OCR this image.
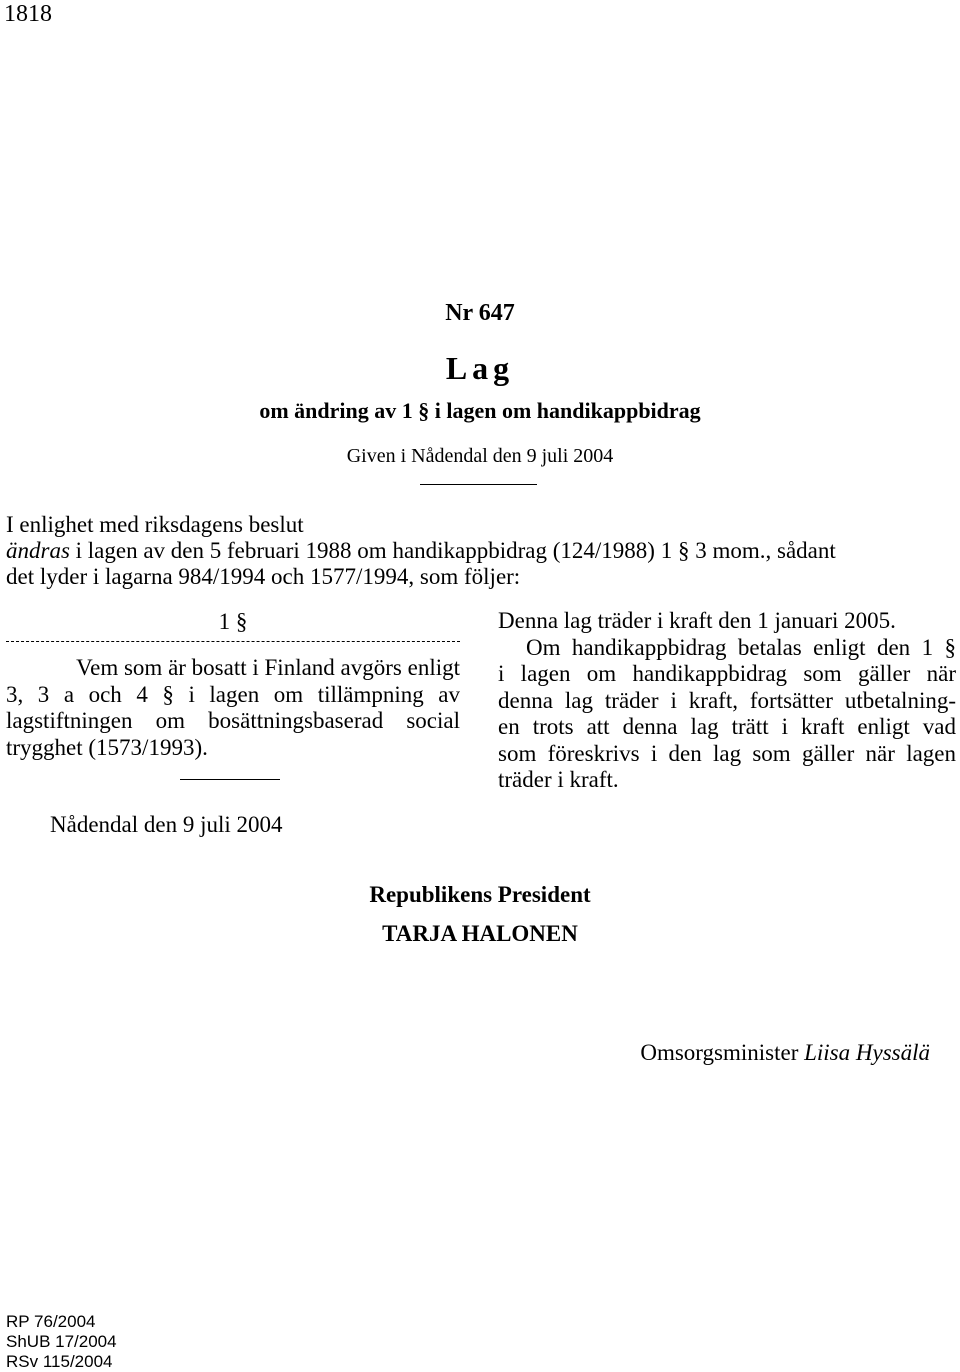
1818
Nr 647
Lag
om ändring av 1 § i lagen om handikappbidrag
Given i Nådendal den 9 juli 2004
I enlighet med riksdagens beslut
ändras i lagen av den 5 februari 1988 om handikappbidrag (124/1988) 1 § 3 mom., sådant
det lyder i lagarna 984/1994 och 1577/1994, som följer:
1 §
Vem som är bosatt i Finland avgörs enligt
3, 3 a och 4 § i lagen om tillämpning av
lagstiftningen om bosättningsbaserad social
trygghet (1573/1993).
Denna lag träder i kraft den 1 januari 2005.
Om handikappbidrag betalas enligt den 1 §
i lagen om handikappbidrag som gäller när
denna lag träder i kraft, fortsätter utbetalning-
en trots att denna lag trätt i kraft enligt vad
som föreskrivs i den lag som gäller när lagen
träder i kraft.
Nådendal den 9 juli 2004
Republikens President
TARJA HALONEN
Omsorgsminister Liisa Hyssälä
RP 76/2004
ShUB 17/2004
RSv 115/2004
